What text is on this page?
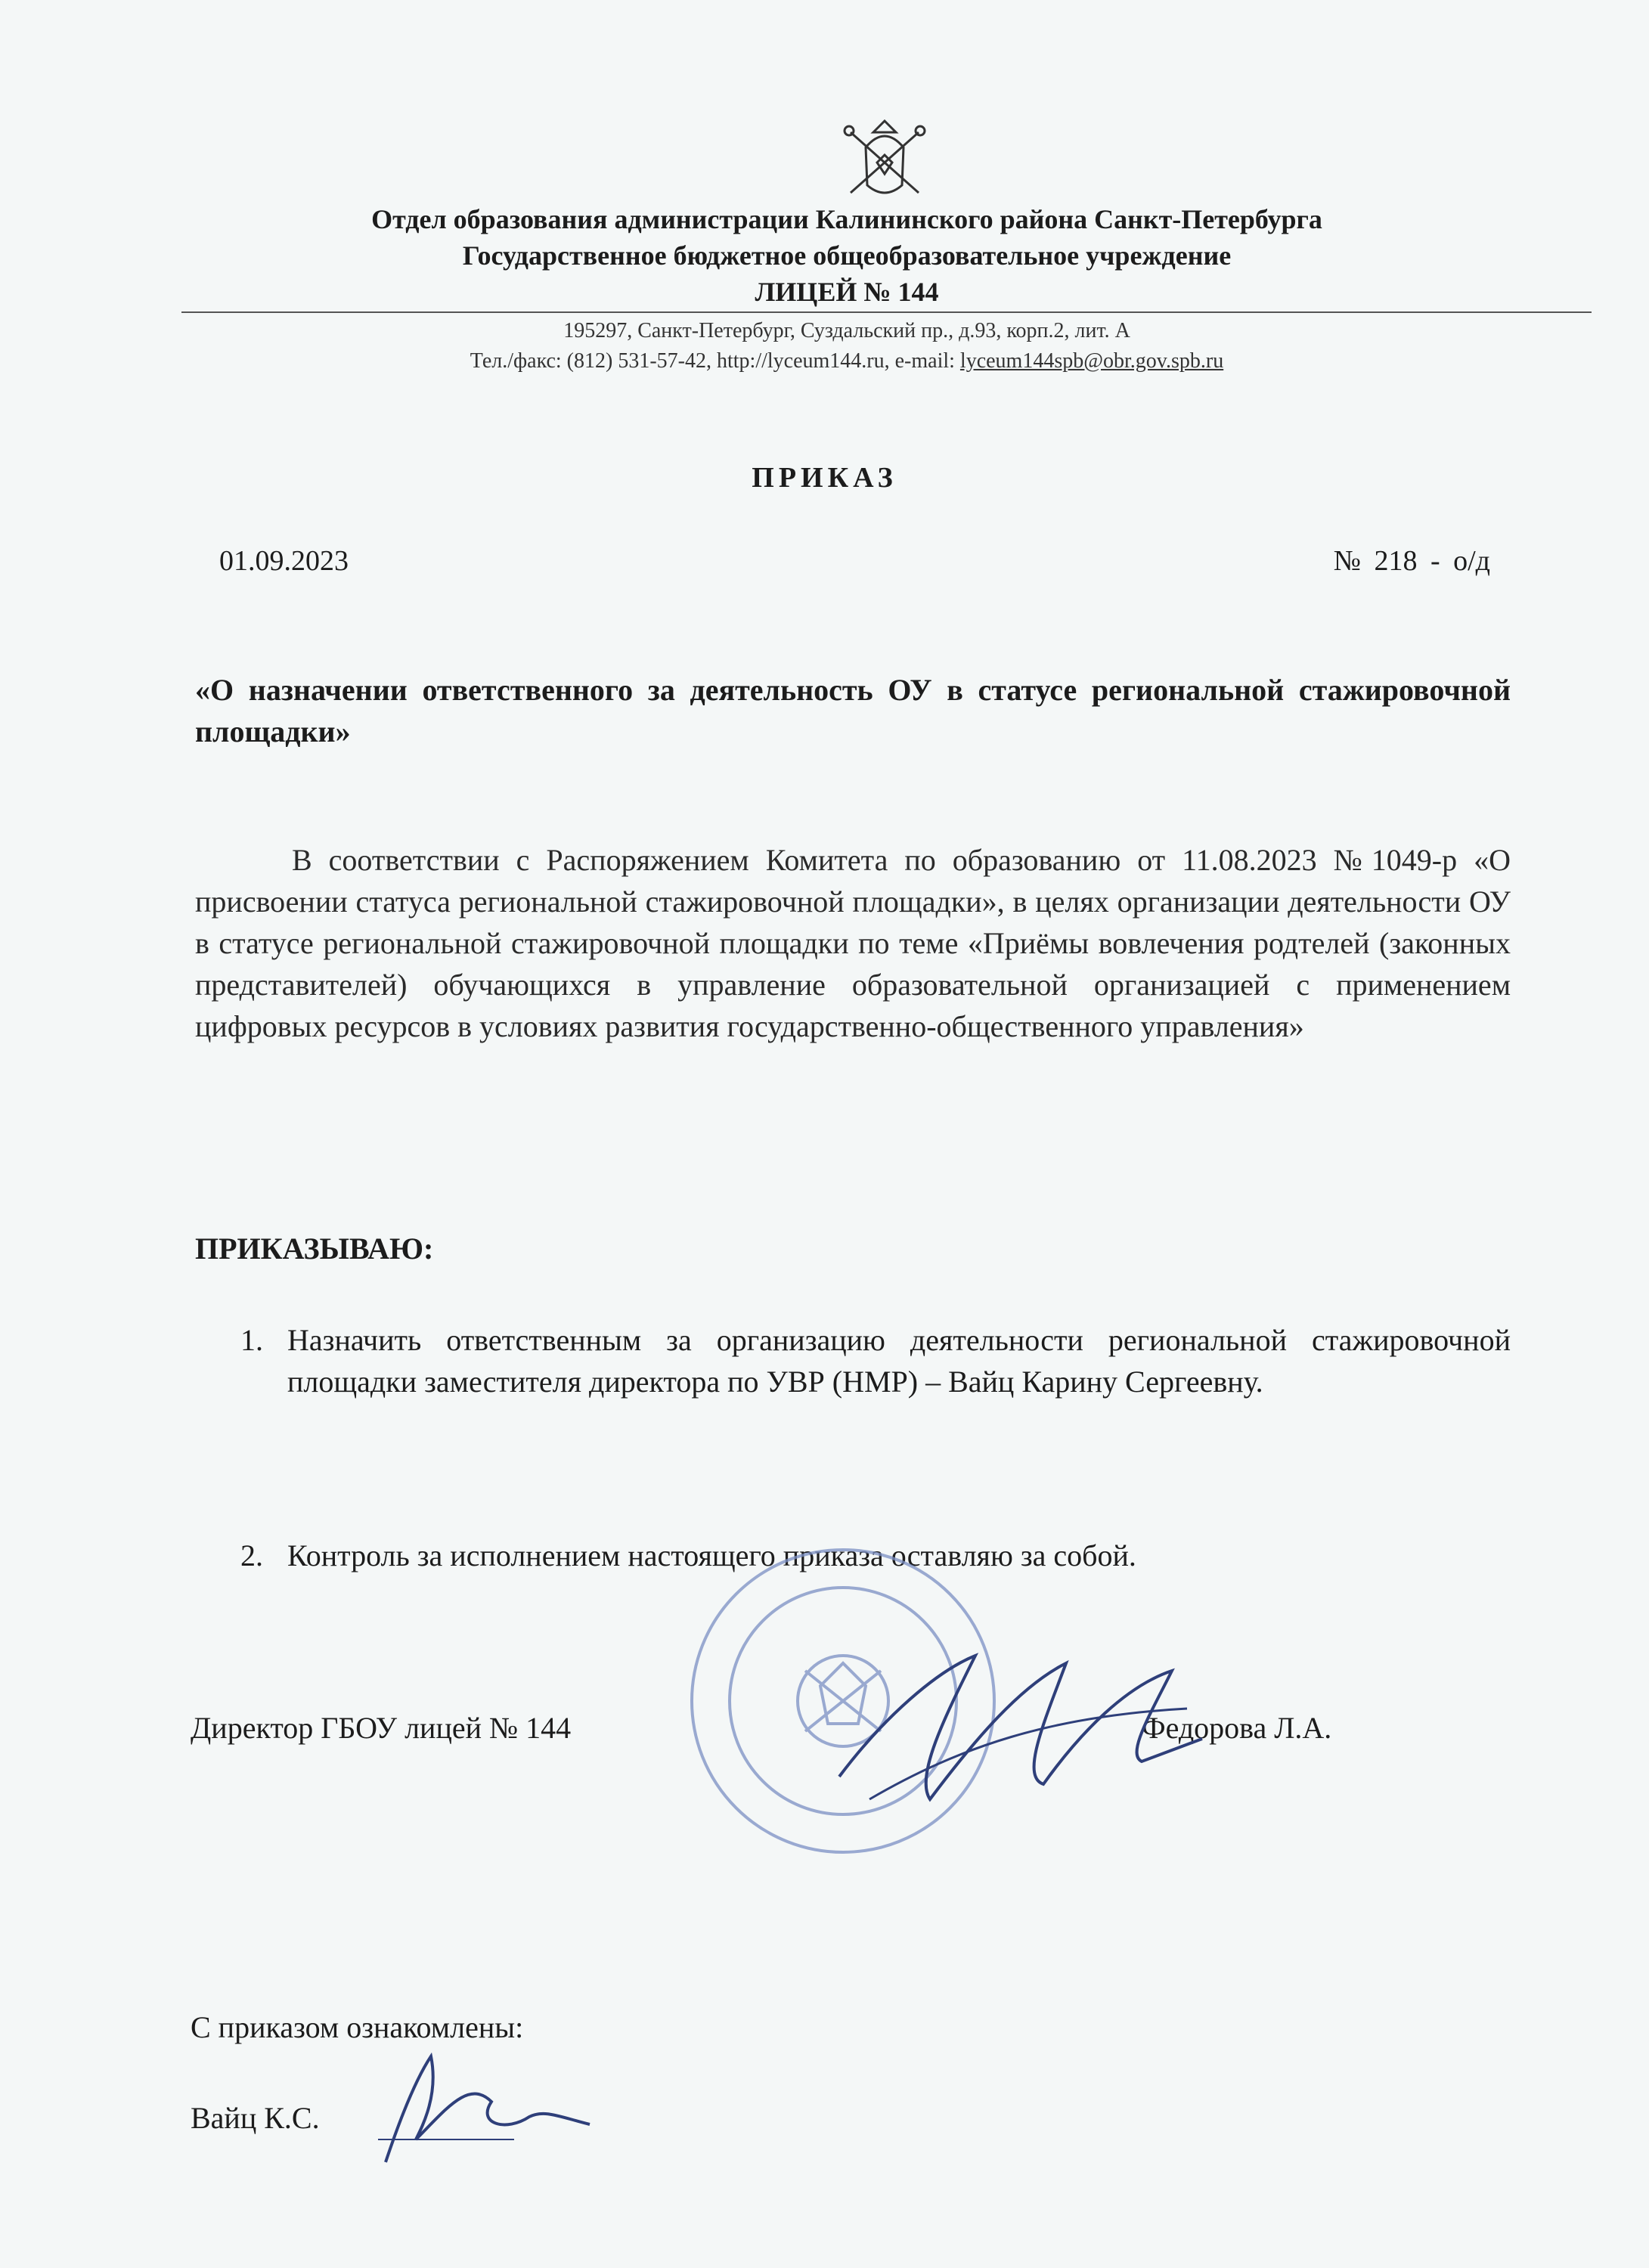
Отдел образования администрации Калининского района Санкт-Петербурга
Государственное бюджетное общеобразовательное учреждение
ЛИЦЕЙ № 144
195297, Санкт-Петербург, Суздальский пр., д.93, корп.2, лит. А
Тел./факс: (812) 531-57-42, http://lyceum144.ru, e-mail: lyceum144spb@obr.gov.spb.ru
ПРИКАЗ
01.09.2023	№ 218 - о/д
«О назначении ответственного за деятельность ОУ в статусе региональной стажировочной площадки»
В соответствии с Распоряжением Комитета по образованию от 11.08.2023 №1049-р «О присвоении статуса региональной стажировочной площадки», в целях организации деятельности ОУ в статусе региональной стажировочной площадки по теме «Приёмы вовлечения родтелей (законных представителей) обучающихся в управление образовательной организацией с применением цифровых ресурсов в условиях развития государственно-общественного управления»
ПРИКАЗЫВАЮ:
1. Назначить ответственным за организацию деятельности региональной стажировочной площадки заместителя директора по УВР (НМР) – Вайц Карину Сергеевну.
2. Контроль за исполнением настоящего приказа оставляю за собой.
Директор ГБОУ лицей № 144	Федорова Л.А.
С приказом ознакомлены:
Вайц К.С.
